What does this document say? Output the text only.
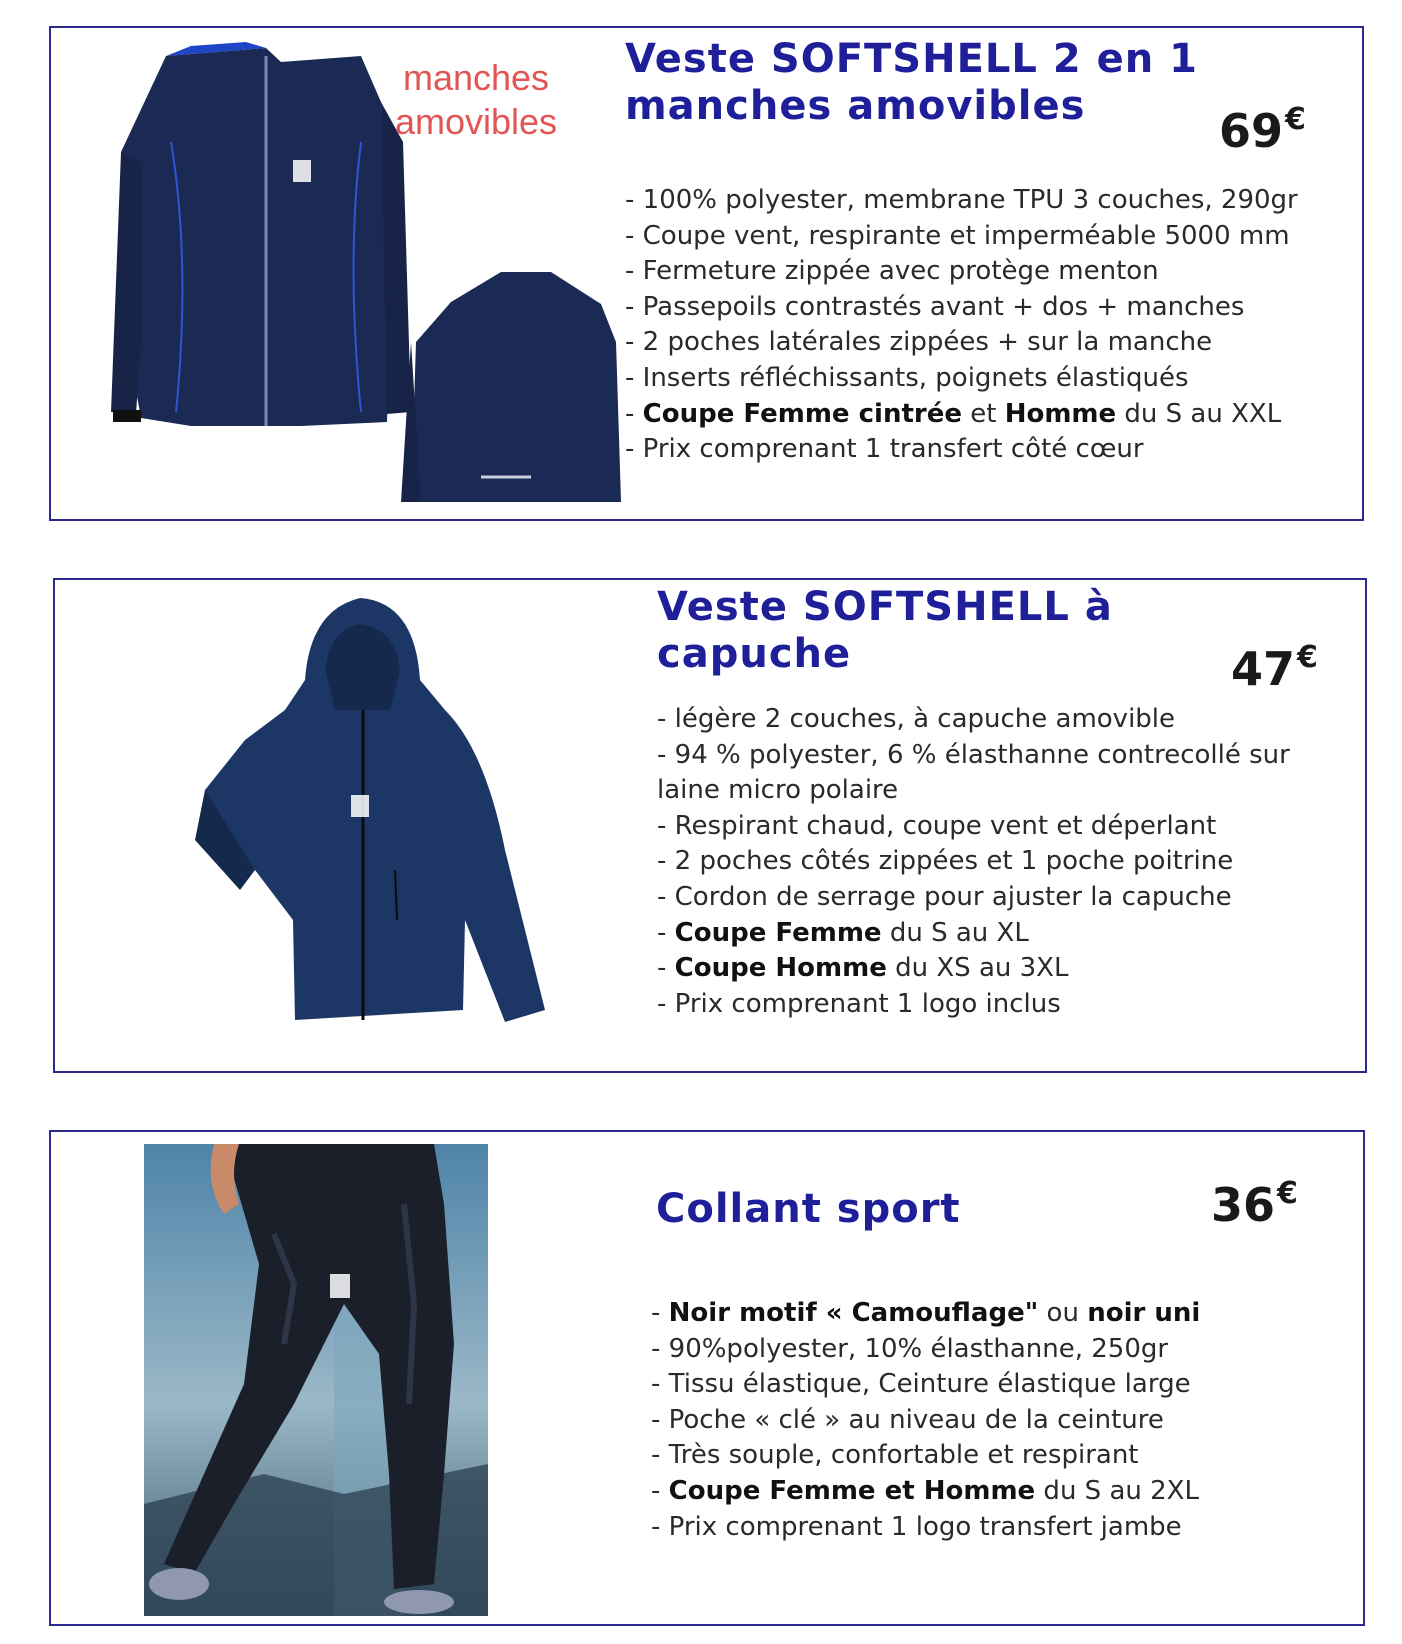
manches
amovibles
Veste SOFTSHELL 2 en 1
manches amovibles	69€
- 100% polyester, membrane TPU 3 couches, 290gr
- Coupe vent, respirante et imperméable 5000 mm
- Fermeture zippée avec protège menton
- Passepoils contrastés avant + dos + manches
- 2 poches latérales zippées + sur la manche
- Inserts réfléchissants, poignets élastiqués
- Coupe Femme cintrée et Homme du S au XXL
- Prix comprenant 1 transfert côté cœur
Veste SOFTSHELL à
capuche	47€
- légère 2 couches, à capuche amovible
- 94 % polyester, 6 % élasthanne contrecollé sur laine micro polaire
- Respirant chaud, coupe vent et déperlant
- 2 poches côtés zippées et 1 poche poitrine
- Cordon de serrage pour ajuster la capuche
- Coupe Femme du S au XL
- Coupe Homme du XS au 3XL
- Prix comprenant 1 logo inclus
Collant sport	36€
- Noir motif « Camouflage" ou noir uni
- 90%polyester, 10% élasthanne, 250gr
- Tissu élastique, Ceinture élastique large
- Poche « clé » au niveau de la ceinture
- Très souple, confortable et respirant
- Coupe Femme et Homme du S au 2XL
- Prix comprenant 1 logo transfert jambe
